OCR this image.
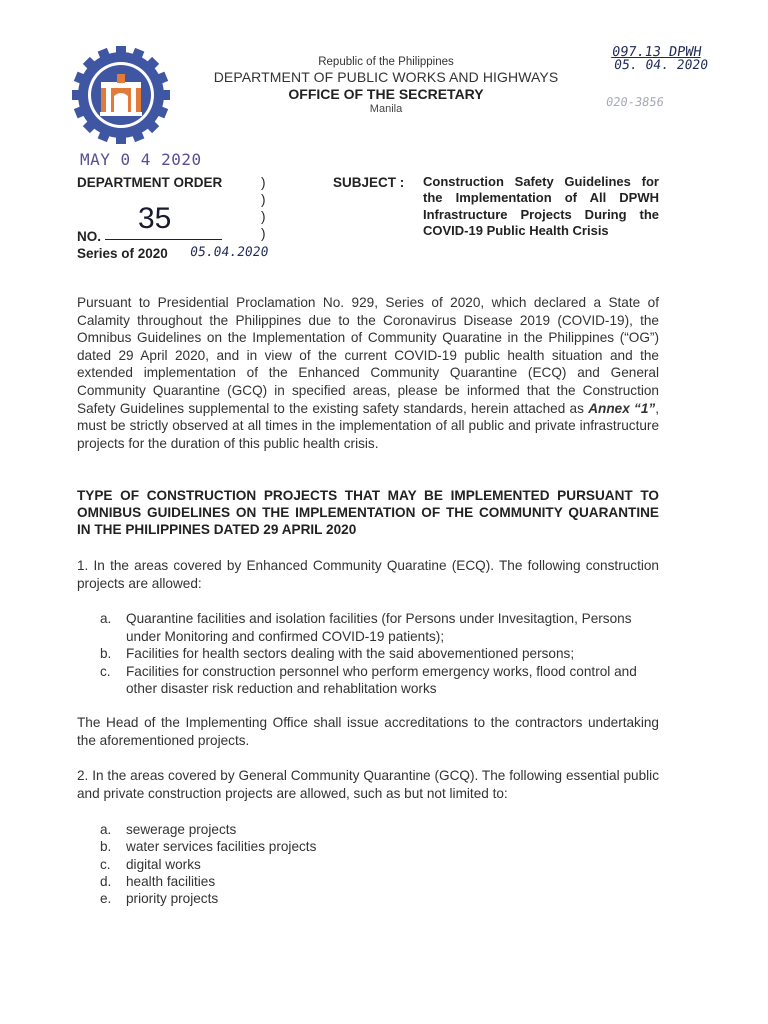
Republic of the Philippines
DEPARTMENT OF PUBLIC WORKS AND HIGHWAYS
OFFICE OF THE SECRETARY
Manila
097.13 DPWH
05. 04. 2020
020-3856
MAY 0 4 2020
DEPARTMENT ORDER
NO.
35
Series of 2020 05.04.2020
)
)
)
)
SUBJECT : Construction Safety Guidelines for the Implementation of All DPWH Infrastructure Projects During the COVID-19 Public Health Crisis
Pursuant to Presidential Proclamation No. 929, Series of 2020, which declared a State of Calamity throughout the Philippines due to the Coronavirus Disease 2019 (COVID-19), the Omnibus Guidelines on the Implementation of Community Quaratine in the Philippines (“OG”) dated 29 April 2020, and in view of the current COVID-19 public health situation and the extended implementation of the Enhanced Community Quarantine (ECQ) and General Community Quarantine (GCQ) in specified areas, please be informed that the Construction Safety Guidelines supplemental to the existing safety standards, herein attached as Annex “1”, must be strictly observed at all times in the implementation of all public and private infrastructure projects for the duration of this public health crisis.
TYPE OF CONSTRUCTION PROJECTS THAT MAY BE IMPLEMENTED PURSUANT TO OMNIBUS GUIDELINES ON THE IMPLEMENTATION OF THE COMMUNITY QUARANTINE IN THE PHILIPPINES DATED 29 APRIL 2020
1. In the areas covered by Enhanced Community Quaratine (ECQ). The following construction projects are allowed:
a. Quarantine facilities and isolation facilities (for Persons under Invesitagtion, Persons under Monitoring and confirmed COVID-19 patients);
b. Facilities for health sectors dealing with the said abovementioned persons;
c. Facilities for construction personnel who perform emergency works, flood control and other disaster risk reduction and rehablitation works
The Head of the Implementing Office shall issue accreditations to the contractors undertaking the aforementioned projects.
2. In the areas covered by General Community Quarantine (GCQ). The following essential public and private construction projects are allowed, such as but not limited to:
a. sewerage projects
b. water services facilities projects
c. digital works
d. health facilities
e. priority projects
